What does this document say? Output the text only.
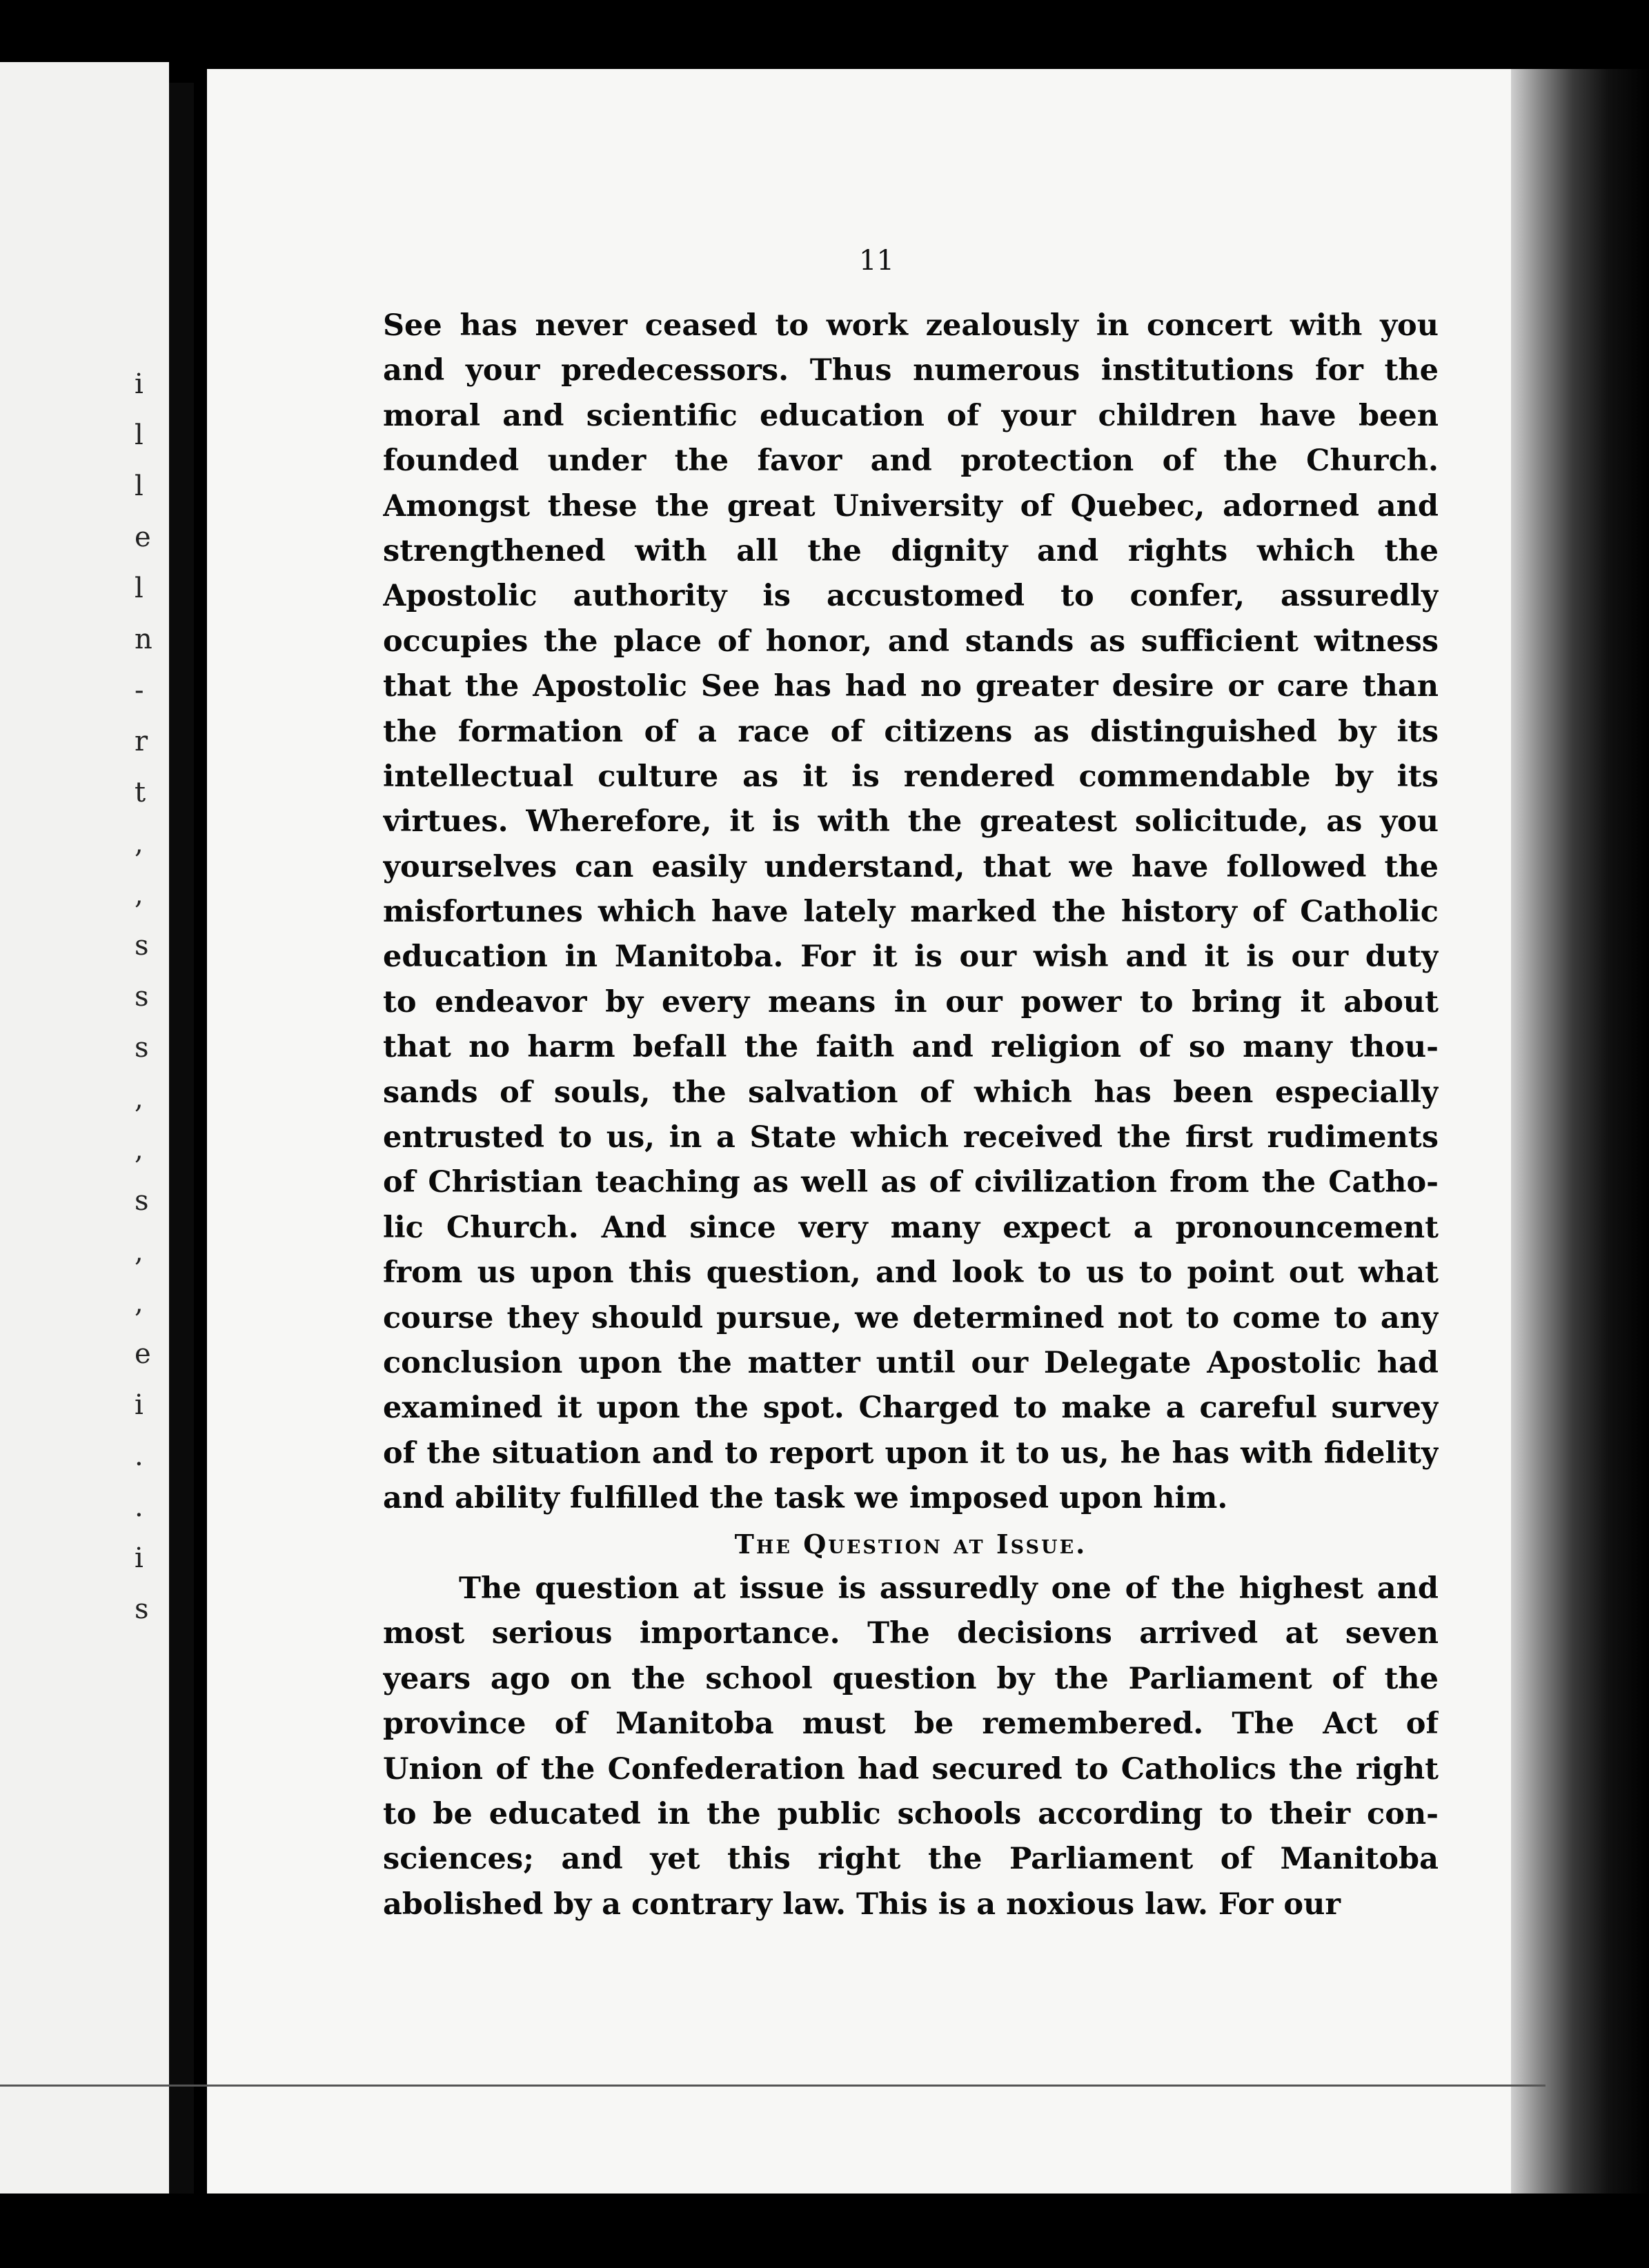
i
l
l
e
l
n
-
r
t
,
,
s
s
s
,
,
s
,
,
e
i
.
.
i
s
11
See has never ceased to work zealously in concert with you
and your predecessors. Thus numerous institutions for the
moral and scientific education of your children have been
founded under the favor and protection of the Church.
Amongst these the great University of Quebec, adorned and
strengthened with all the dignity and rights which the
Apostolic authority is accustomed to confer, assuredly
occupies the place of honor, and stands as sufficient witness
that the Apostolic See has had no greater desire or care than
the formation of a race of citizens as distinguished by its
intellectual culture as it is rendered commendable by its
virtues. Wherefore, it is with the greatest solicitude, as you
yourselves can easily understand, that we have followed the
misfortunes which have lately marked the history of Catholic
education in Manitoba. For it is our wish and it is our duty
to endeavor by every means in our power to bring it about
that no harm befall the faith and religion of so many thou-
sands of souls, the salvation of which has been especially
entrusted to us, in a State which received the first rudiments
of Christian teaching as well as of civilization from the Catho-
lic Church. And since very many expect a pronouncement
from us upon this question, and look to us to point out what
course they should pursue, we determined not to come to any
conclusion upon the matter until our Delegate Apostolic had
examined it upon the spot. Charged to make a careful survey
of the situation and to report upon it to us, he has with fidelity
and ability fulfilled the task we imposed upon him.
The Question at Issue.
The question at issue is assuredly one of the highest and
most serious importance. The decisions arrived at seven
years ago on the school question by the Parliament of the
province of Manitoba must be remembered. The Act of
Union of the Confederation had secured to Catholics the right
to be educated in the public schools according to their con-
sciences; and yet this right the Parliament of Manitoba
abolished by a contrary law. This is a noxious law. For our
